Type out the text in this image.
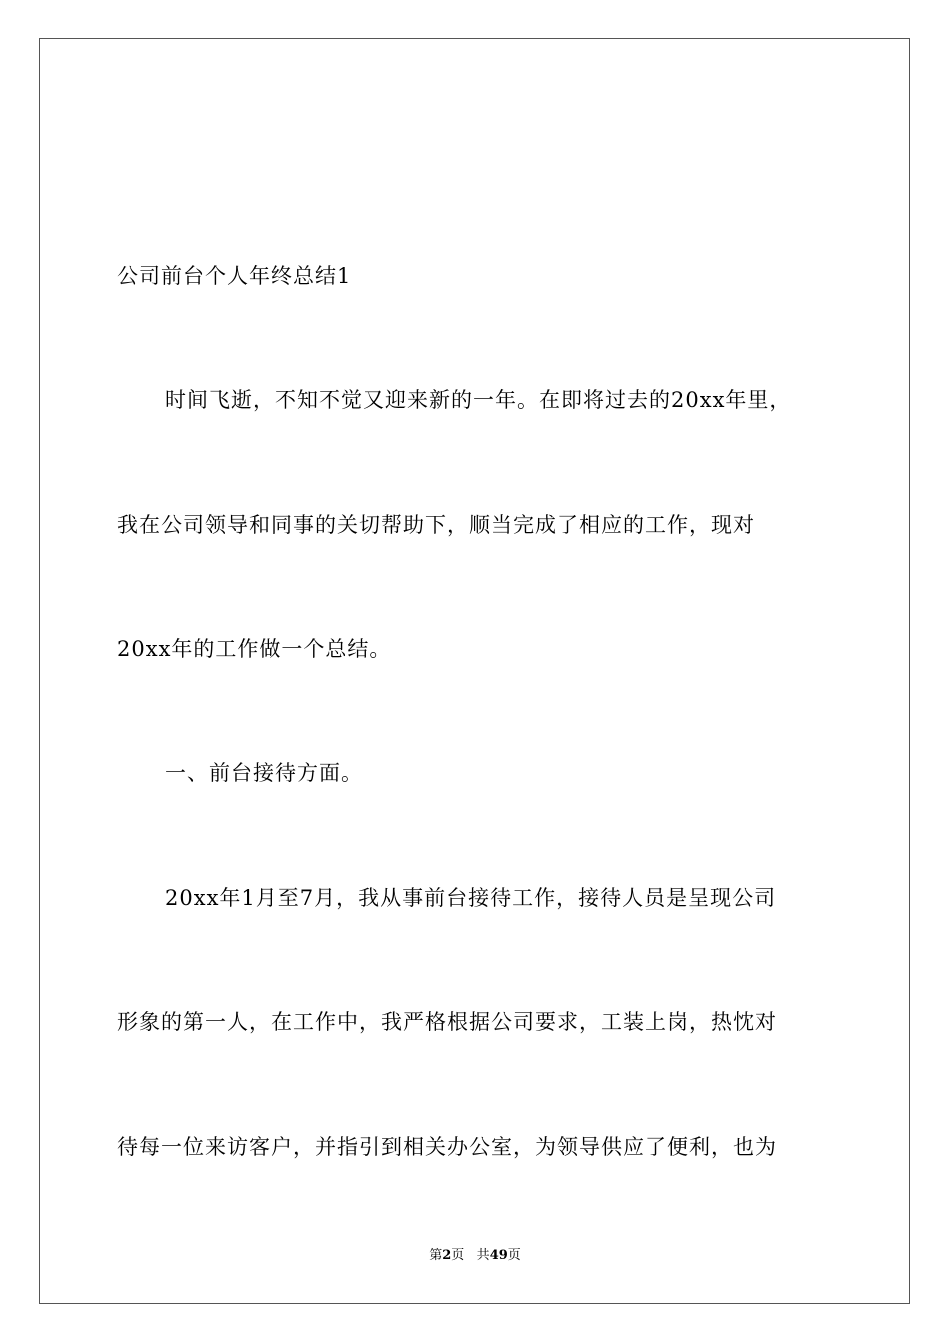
公司前台个人年终总结1
时间飞逝，不知不觉又迎来新的一年。在即将过去的20xx年里，
我在公司领导和同事的关切帮助下，顺当完成了相应的工作，现对
20xx年的工作做一个总结。
一、前台接待方面。
20xx年1月至7月，我从事前台接待工作，接待人员是呈现公司
形象的第一人，在工作中，我严格根据公司要求，工装上岗，热忱对
待每一位来访客户，并指引到相关办公室，为领导供应了便利，也为
第2页 共49页
